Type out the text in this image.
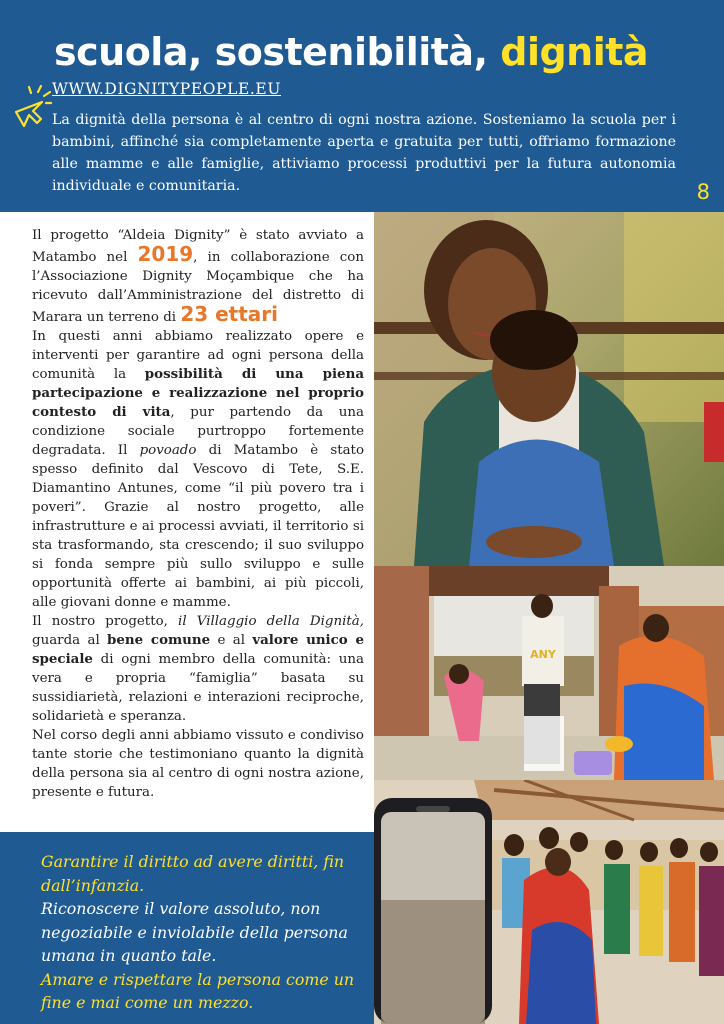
scuola, sostenibilità, dignità
WWW.DIGNITYPEOPLE.EU
La dignità della persona è al centro di ogni nostra azione. Sosteniamo la scuola per i bambini, affinché sia completamente aperta e gratuita per tutti, offriamo formazione alle mamme e alle famiglie, attiviamo processi produttivi per la futura autonomia individuale e comunitaria.	8

Il progetto “Aldeia Dignity” è stato avviato a Matambo nel 2019, in collaborazione con l’Associazione Dignity Moçambique che ha ricevuto dall’Amministrazione del distretto di Marara un terreno di 23 ettari

In questi anni abbiamo realizzato opere e interventi per garantire ad ogni persona della comunità la possibilità di una piena partecipazione e realizzazione nel proprio contesto di vita, pur partendo da una condizione sociale purtroppo fortemente degradata. Il povoado di Matambo è stato spesso definito dal Vescovo di Tete, S.E. Diamantino Antunes, come “il più povero tra i poveri”. Grazie al nostro progetto, alle infrastrutture e ai processi avviati, il territorio si sta trasformando, sta crescendo; il suo sviluppo si fonda sempre più sullo sviluppo e sulle opportunità offerte ai bambini, ai più piccoli, alle giovani donne e mamme.

Il nostro progetto, il Villaggio della Dignità, guarda al bene comune e al valore unico e speciale di ogni membro della comunità: una vera e propria “famiglia” basata su sussidiarietà, relazioni e interazioni reciproche, solidarietà e speranza.

Nel corso degli anni abbiamo vissuto e condiviso tante storie che testimoniano quanto la dignità della persona sia al centro di ogni nostra azione, presente e futura.

Garantire il diritto ad avere diritti, fin dall’infanzia.
Riconoscere il valore assoluto, non negoziabile e inviolabile della persona umana in quanto tale.
Amare e rispettare la persona come un fine e mai come un mezzo.
ANY
